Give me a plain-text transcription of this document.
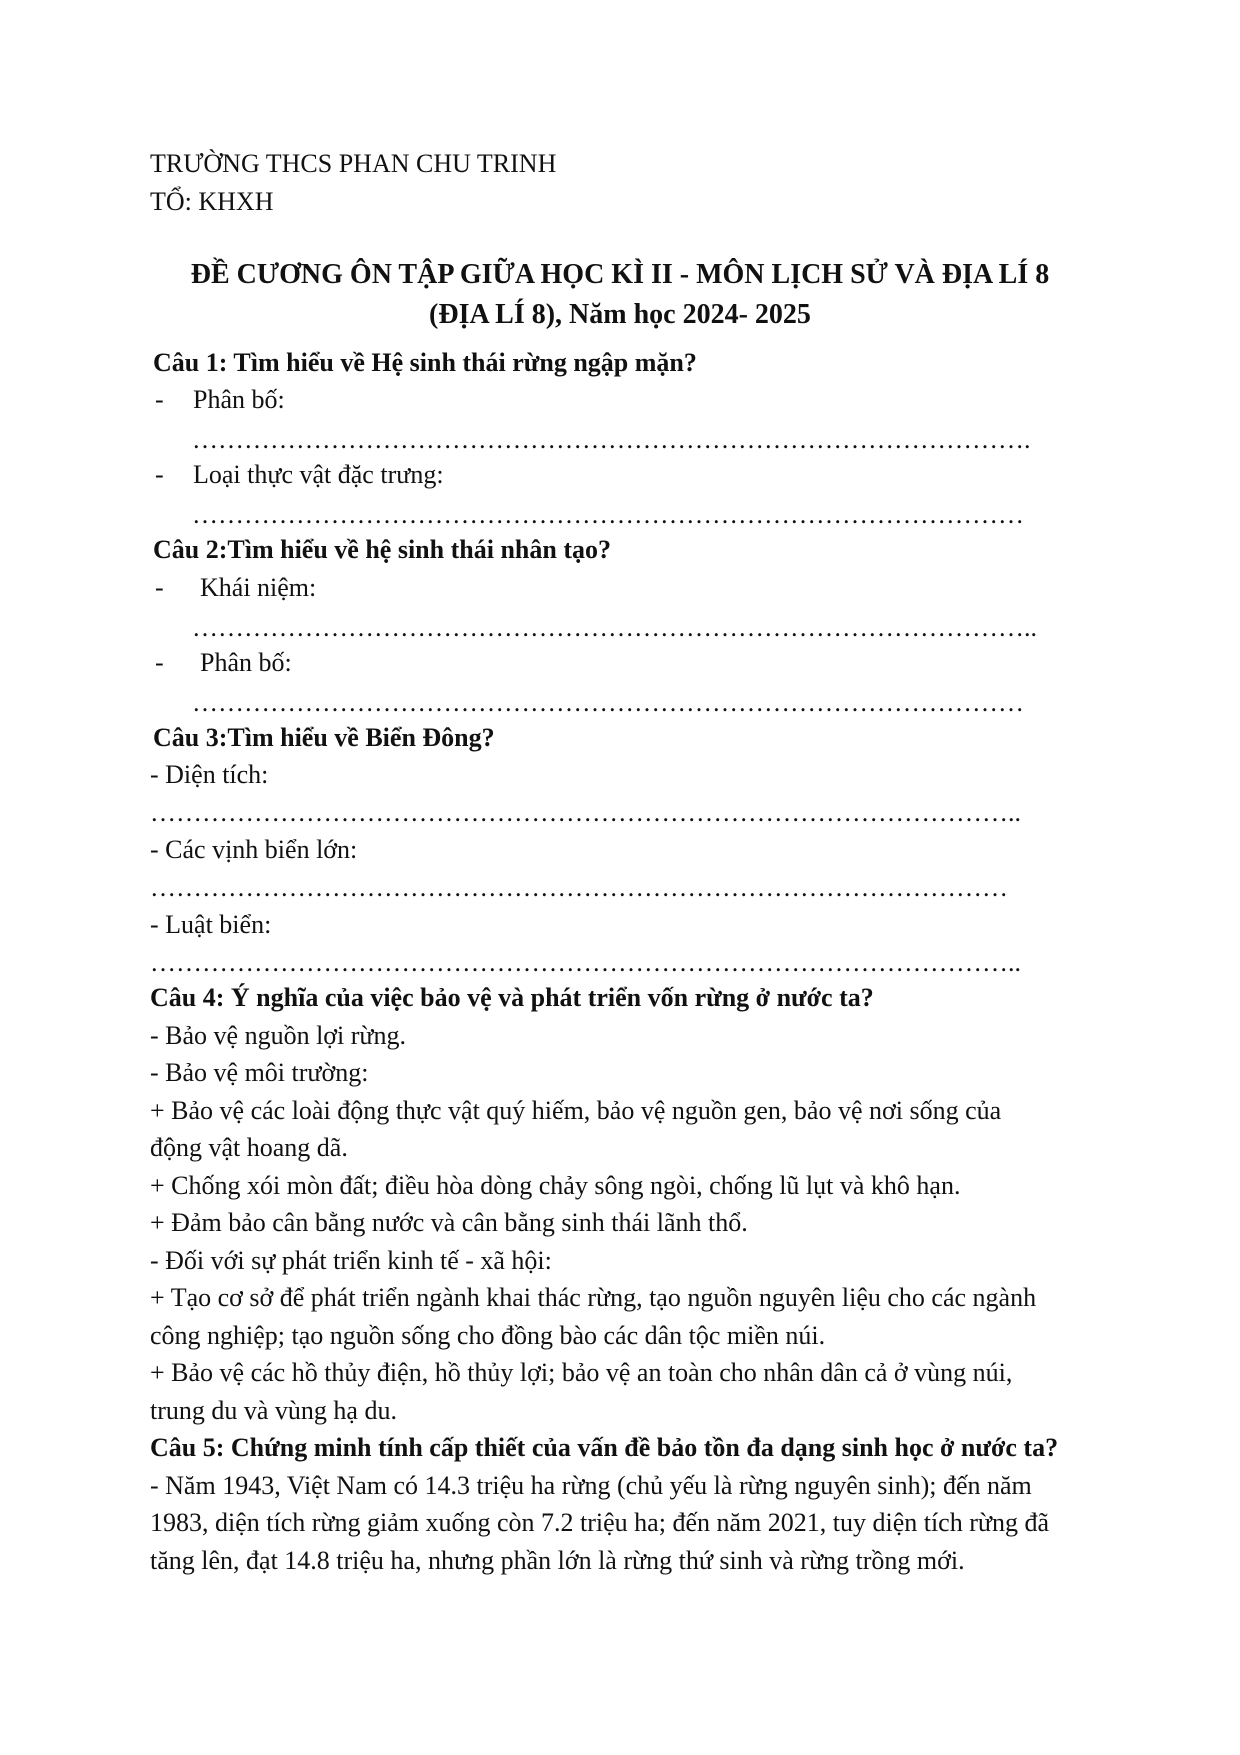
TRƯỜNG THCS PHAN CHU TRINH
TỔ: KHXH
ĐỀ CƯƠNG ÔN TẬP GIỮA HỌC KÌ II - MÔN LỊCH SỬ VÀ ĐỊA LÍ 8
(ĐỊA LÍ 8), Năm học 2024- 2025
Câu 1: Tìm hiểu về Hệ sinh thái rừng ngập mặn?
- Phân bố:
…………………………………………………………………………………….
- Loại thực vật đặc trưng:
……………………………………………………………………………………
Câu 2:Tìm hiểu về hệ sinh thái nhân tạo?
- Khái niệm:
……………………………………………………………………………………..
- Phân bố:
……………………………………………………………………………………
Câu 3:Tìm hiểu về Biển Đông?
- Diện tích:
………………………………………………………………………………………..
- Các vịnh biển lớn:
………………………………………………………………………………………
- Luật biển:
………………………………………………………………………………………..
Câu 4: Ý nghĩa của việc bảo vệ và phát triển vốn rừng ở nước ta?
- Bảo vệ nguồn lợi rừng.
- Bảo vệ môi trường:
+ Bảo vệ các loài động thực vật quý hiếm, bảo vệ nguồn gen, bảo vệ nơi sống của
động vật hoang dã.
+ Chống xói mòn đất; điều hòa dòng chảy sông ngòi, chống lũ lụt và khô hạn.
+ Đảm bảo cân bằng nước và cân bằng sinh thái lãnh thổ.
- Đối với sự phát triển kinh tế - xã hội:
+ Tạo cơ sở để phát triển ngành khai thác rừng, tạo nguồn nguyên liệu cho các ngành
công nghiệp; tạo nguồn sống cho đồng bào các dân tộc miền núi.
+ Bảo vệ các hồ thủy điện, hồ thủy lợi; bảo vệ an toàn cho nhân dân cả ở vùng núi,
trung du và vùng hạ du.
Câu 5: Chứng minh tính cấp thiết của vấn đề bảo tồn đa dạng sinh học ở nước ta?
- Năm 1943, Việt Nam có 14.3 triệu ha rừng (chủ yếu là rừng nguyên sinh); đến năm
1983, diện tích rừng giảm xuống còn 7.2 triệu ha; đến năm 2021, tuy diện tích rừng đã
tăng lên, đạt 14.8 triệu ha, nhưng phần lớn là rừng thứ sinh và rừng trồng mới.
